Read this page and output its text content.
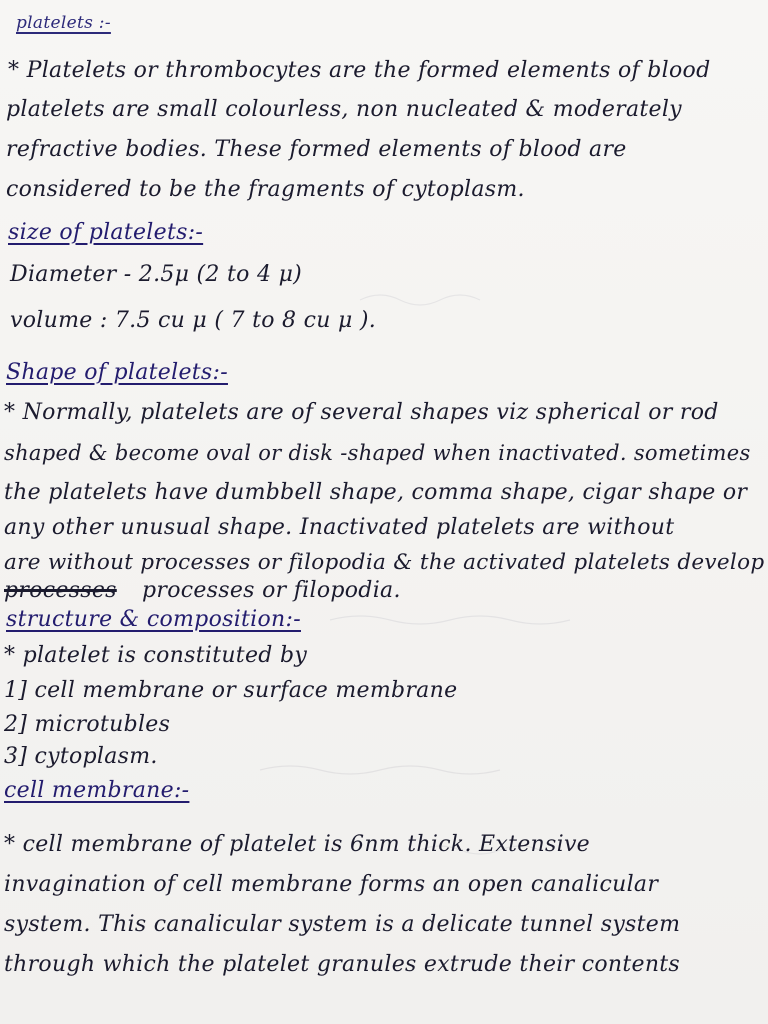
platelets :-
* Platelets or thrombocytes are the formed elements of blood
platelets are small colourless, non nucleated & moderately
refractive bodies. These formed elements of blood are
considered to be the fragments of cytoplasm.
size of platelets:-
Diameter - 2.5μ (2 to 4 μ)
volume : 7.5 cu μ ( 7 to 8 cu μ ).
Shape of platelets:-
* Normally, platelets are of several shapes viz spherical or rod
shaped & become oval or disk -shaped when inactivated. sometimes
the platelets have dumbbell shape, comma shape, cigar shape or
any other unusual shape. Inactivated platelets are without
are without processes or filopodia & the activated platelets develop
processes processes or filopodia.
structure & composition:-
* platelet is constituted by
1] cell membrane or surface membrane
2] microtubles
3] cytoplasm.
cell membrane:-
* cell membrane of platelet is 6nm thick. Extensive
invagination of cell membrane forms an open canalicular
system. This canalicular system is a delicate tunnel system
through which the platelet granules extrude their contents
